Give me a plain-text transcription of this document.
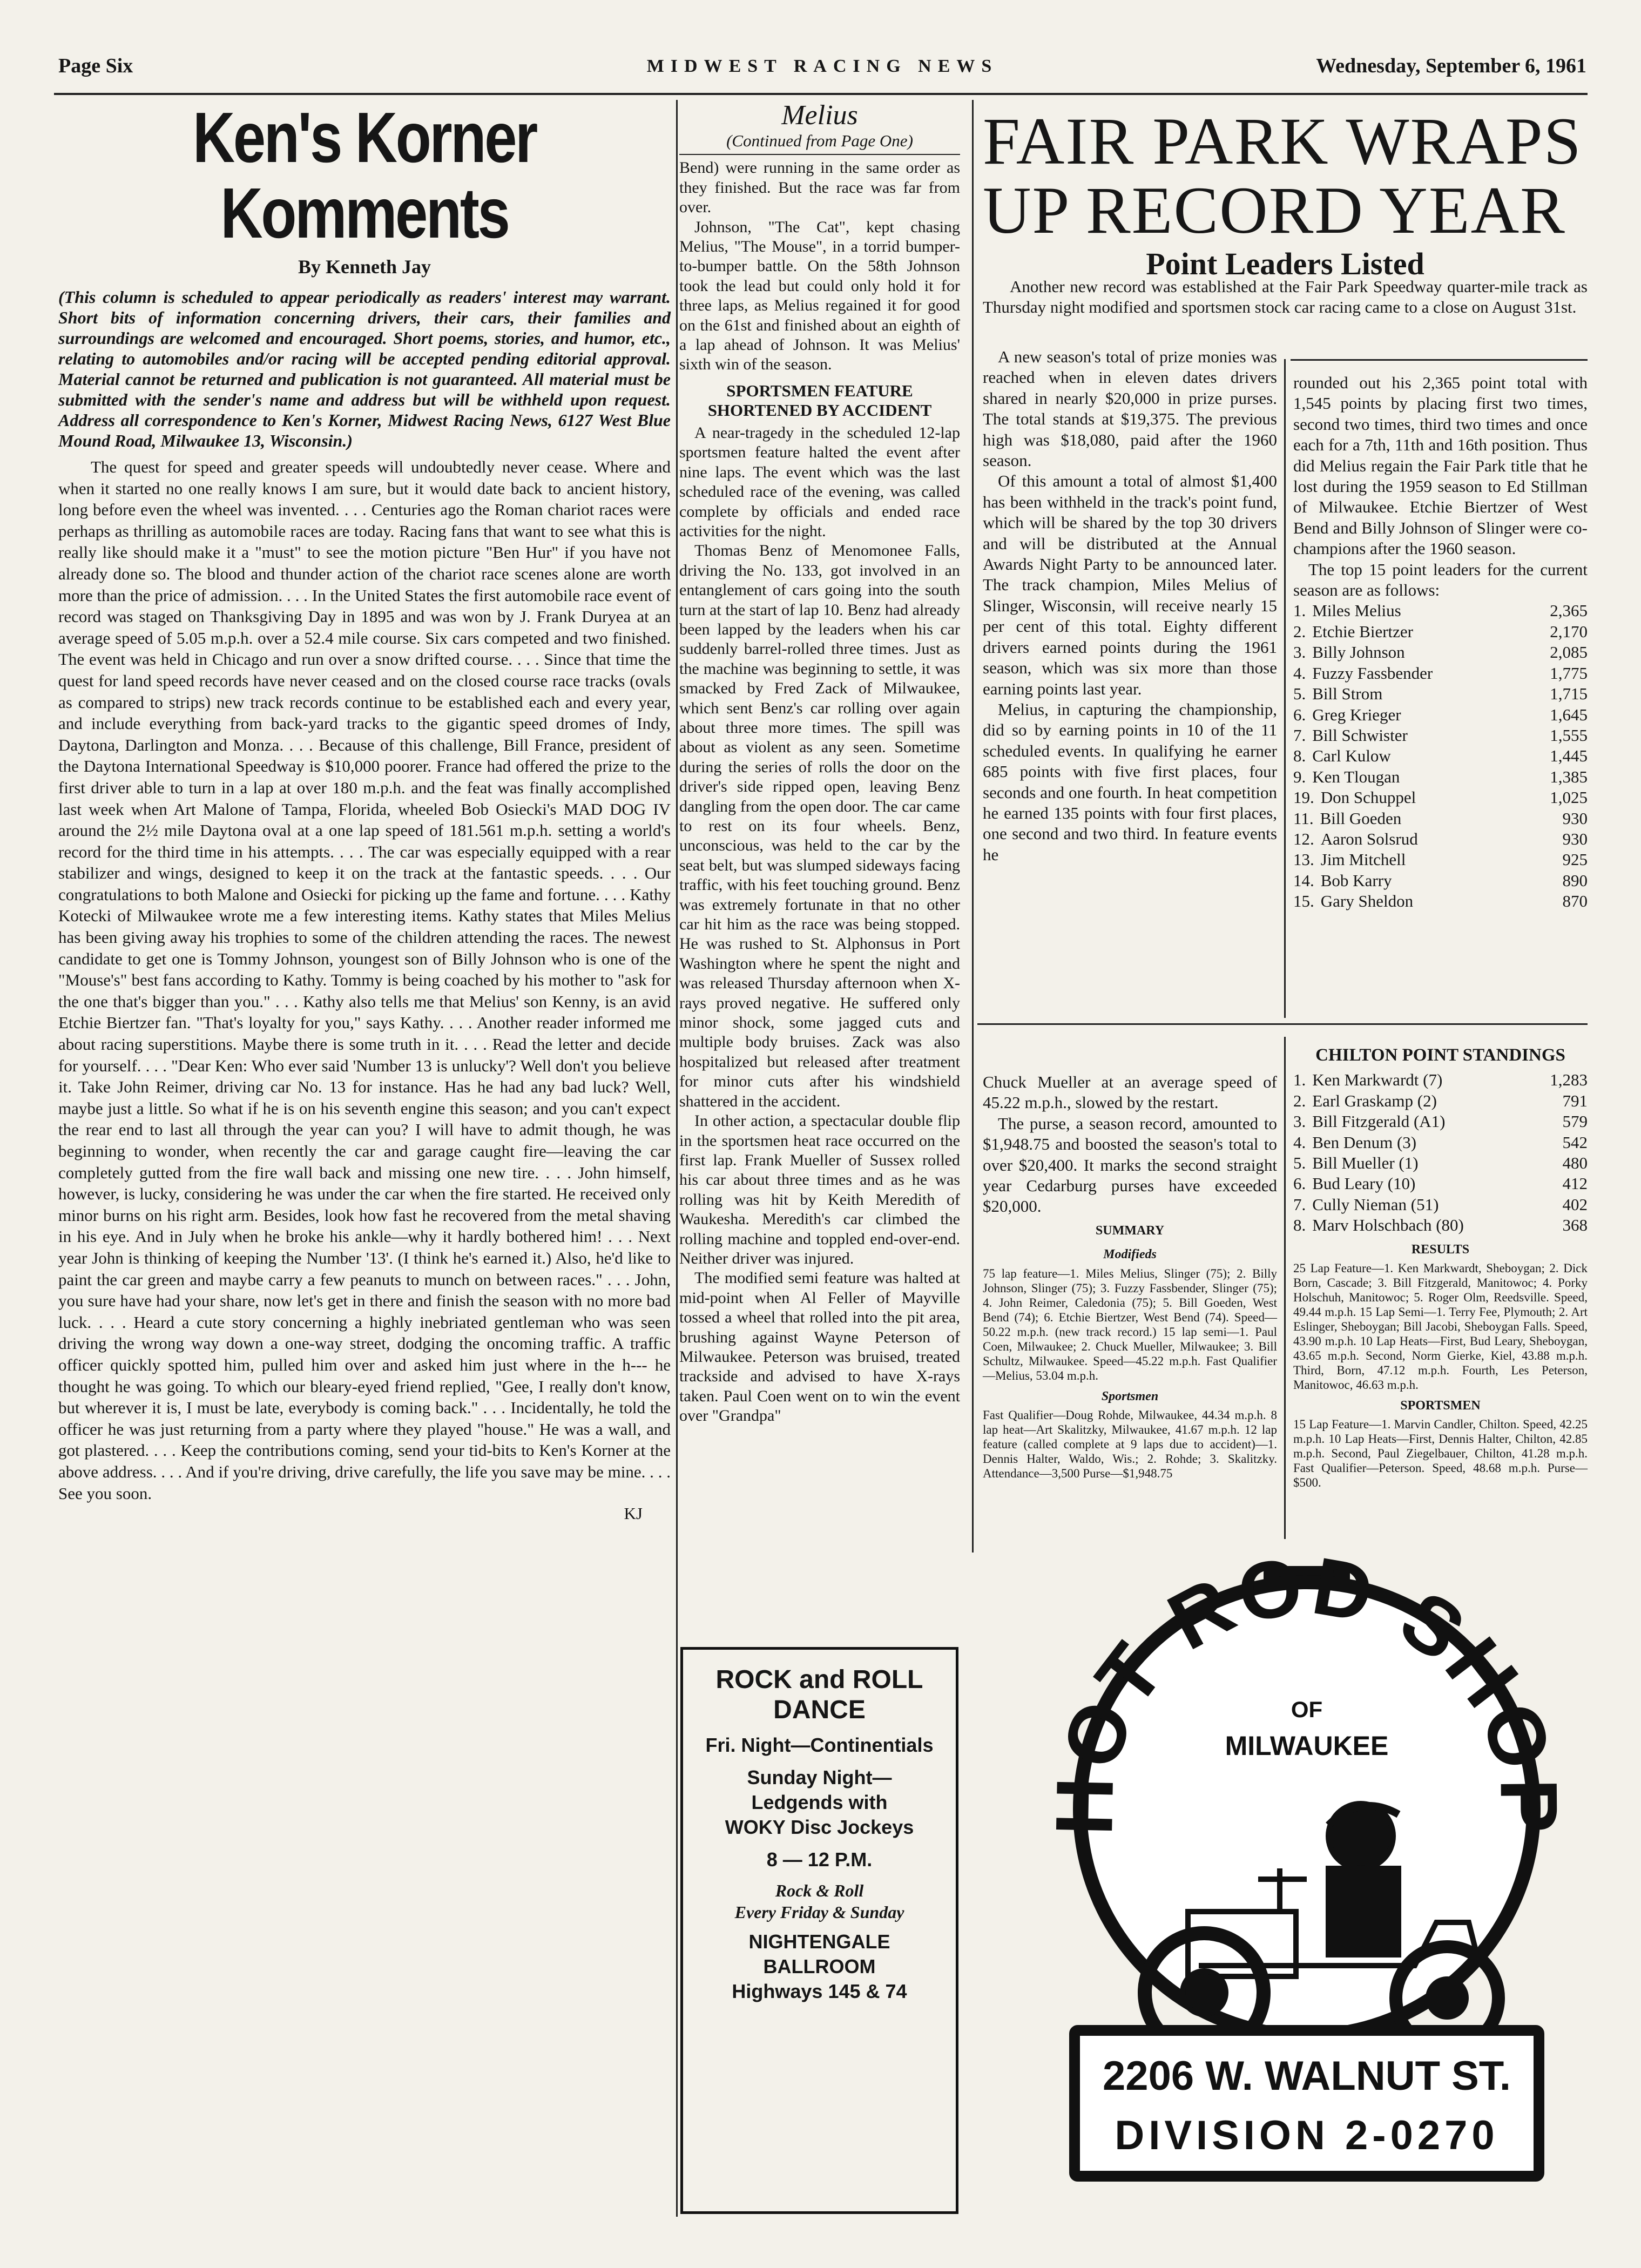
Page Six	MIDWEST RACING NEWS	Wednesday, September 6, 1961
Ken's Korner Komments
By Kenneth Jay
(This column is scheduled to appear periodically as readers' interest may warrant. Short bits of information concerning drivers, their cars, their families and surroundings are welcomed and encouraged. Short poems, stories, and humor, etc., relating to automobiles and/or racing will be accepted pending editorial approval. Material cannot be returned and publication is not guaranteed. All material must be submitted with the sender's name and address but will be withheld upon request. Address all correspondence to Ken's Korner, Midwest Racing News, 6127 West Blue Mound Road, Milwaukee 13, Wisconsin.)
The quest for speed and greater speeds will undoubtedly never cease. Where and when it started no one really knows I am sure, but it would date back to ancient history, long before even the wheel was invented. . . . Centuries ago the Roman chariot races were perhaps as thrilling as automobile races are today. Racing fans that want to see what this is really like should make it a "must" to see the motion picture "Ben Hur" if you have not already done so. The blood and thunder action of the chariot race scenes alone are worth more than the price of admission. . . . In the United States the first automobile race event of record was staged on Thanksgiving Day in 1895 and was won by J. Frank Duryea at an average speed of 5.05 m.p.h. over a 52.4 mile course. Six cars competed and two finished. The event was held in Chicago and run over a snow drifted course. . . . Since that time the quest for land speed records have never ceased and on the closed course race tracks (ovals as compared to strips) new track records continue to be established each and every year, and include everything from back-yard tracks to the gigantic speed dromes of Indy, Daytona, Darlington and Monza. . . . Because of this challenge, Bill France, president of the Daytona International Speedway is $10,000 poorer. France had offered the prize to the first driver able to turn in a lap at over 180 m.p.h. and the feat was finally accomplished last week when Art Malone of Tampa, Florida, wheeled Bob Osiecki's MAD DOG IV around the 2½ mile Daytona oval at a one lap speed of 181.561 m.p.h. setting a world's record for the third time in his attempts. . . . The car was especially equipped with a rear stabilizer and wings, designed to keep it on the track at the fantastic speeds. . . . Our congratulations to both Malone and Osiecki for picking up the fame and fortune. . . . Kathy Kotecki of Milwaukee wrote me a few interesting items. Kathy states that Miles Melius has been giving away his trophies to some of the children attending the races. The newest candidate to get one is Tommy Johnson, youngest son of Billy Johnson who is one of the "Mouse's" best fans according to Kathy. Tommy is being coached by his mother to "ask for the one that's bigger than you." . . . Kathy also tells me that Melius' son Kenny, is an avid Etchie Biertzer fan. "That's loyalty for you," says Kathy. . . . Another reader informed me about racing superstitions. Maybe there is some truth in it. . . . Read the letter and decide for yourself. . . . "Dear Ken: Who ever said 'Number 13 is unlucky'? Well don't you believe it. Take John Reimer, driving car No. 13 for instance. Has he had any bad luck? Well, maybe just a little. So what if he is on his seventh engine this season; and you can't expect the rear end to last all through the year can you? I will have to admit though, he was beginning to wonder, when recently the car and garage caught fire—leaving the car completely gutted from the fire wall back and missing one new tire. . . . John himself, however, is lucky, considering he was under the car when the fire started. He received only minor burns on his right arm. Besides, look how fast he recovered from the metal shaving in his eye. And in July when he broke his ankle—why it hardly bothered him! . . . Next year John is thinking of keeping the Number '13'. (I think he's earned it.) Also, he'd like to paint the car green and maybe carry a few peanuts to munch on between races." . . . John, you sure have had your share, now let's get in there and finish the season with no more bad luck. . . . Heard a cute story concerning a highly inebriated gentleman who was seen driving the wrong way down a one-way street, dodging the oncoming traffic. A traffic officer quickly spotted him, pulled him over and asked him just where in the h--- he thought he was going. To which our bleary-eyed friend replied, "Gee, I really don't know, but wherever it is, I must be late, everybody is coming back." . . . Incidentally, he told the officer he was just returning from a party where they played "house." He was a wall, and got plastered. . . . Keep the contributions coming, send your tid-bits to Ken's Korner at the above address. . . . And if you're driving, drive carefully, the life you save may be mine. . . . See you soon.
KJ
Melius
(Continued from Page One)

Bend) were running in the same order as they finished. But the race was far from over.

Johnson, "The Cat", kept chasing Melius, "The Mouse", in a torrid bumper-to-bumper battle. On the 58th Johnson took the lead but could only hold it for three laps, as Melius regained it for good on the 61st and finished about an eighth of a lap ahead of Johnson. It was Melius' sixth win of the season.

SPORTSMEN FEATURE SHORTENED BY ACCIDENT

A near-tragedy in the scheduled 12-lap sportsmen feature halted the event after nine laps. The event which was the last scheduled race of the evening, was called complete by officials and ended race activities for the night.

Thomas Benz of Menomonee Falls, driving the No. 133, got involved in an entanglement of cars going into the south turn at the start of lap 10. Benz had already been lapped by the leaders when his car suddenly barrel-rolled three times. Just as the machine was beginning to settle, it was smacked by Fred Zack of Milwaukee, which sent Benz's car rolling over again about three more times. The spill was about as violent as any seen. Sometime during the series of rolls the door on the driver's side ripped open, leaving Benz dangling from the open door. The car came to rest on its four wheels. Benz, unconscious, was held to the car by the seat belt, but was slumped sideways facing traffic, with his feet touching ground. Benz was extremely fortunate in that no other car hit him as the race was being stopped. He was rushed to St. Alphonsus in Port Washington where he spent the night and was released Thursday afternoon when X-rays proved negative. He suffered only minor shock, some jagged cuts and multiple body bruises. Zack was also hospitalized but released after treatment for minor cuts after his windshield shattered in the accident.

In other action, a spectacular double flip in the sportsmen heat race occurred on the first lap. Frank Mueller of Sussex rolled his car about three times and as he was rolling was hit by Keith Meredith of Waukesha. Meredith's car climbed the rolling machine and toppled end-over-end. Neither driver was injured.

The modified semi feature was halted at mid-point when Al Feller of Mayville tossed a wheel that rolled into the pit area, brushing against Wayne Peterson of Milwaukee. Peterson was bruised, treated trackside and advised to have X-rays taken. Paul Coen went on to win the event over "Grandpa"

FAIR PARK WRAPS UP RECORD YEAR
Point Leaders Listed
Another new record was established at the Fair Park Speedway quarter-mile track as Thursday night modified and sportsmen stock car racing came to a close on August 31st.

A new season's total of prize monies was reached when in eleven dates drivers shared in nearly $20,000 in prize purses. The total stands at $19,375. The previous high was $18,080, paid after the 1960 season.

Of this amount a total of almost $1,400 has been withheld in the track's point fund, which will be shared by the top 30 drivers and will be distributed at the Annual Awards Night Party to be announced later. The track champion, Miles Melius of Slinger, Wisconsin, will receive nearly 15 per cent of this total. Eighty different drivers earned points during the 1961 season, which was six more than those earning points last year.

Melius, in capturing the championship, did so by earning points in 10 of the 11 scheduled events. In qualifying he earner 685 points with five first places, four seconds and one fourth. In heat competition he earned 135 points with four first places, one second and two third. In feature events he

rounded out his 2,365 point total with 1,545 points by placing first two times, second two times, third two times and once each for a 7th, 11th and 16th position. Thus did Melius regain the Fair Park title that he lost during the 1959 season to Ed Stillman of Milwaukee. Etchie Biertzer of West Bend and Billy Johnson of Slinger were co-champions after the 1960 season.

The top 15 point leaders for the current season are as follows:

1. Miles Melius	2,365
2. Etchie Biertzer	2,170
3. Billy Johnson	2,085
4. Fuzzy Fassbender	1,775
5. Bill Strom	1,715
6. Greg Krieger	1,645
7. Bill Schwister	1,555
8. Carl Kulow	1,445
9. Ken Tlougan	1,385
19. Don Schuppel	1,025
11. Bill Goeden	930
12. Aaron Solsrud	930
13. Jim Mitchell	925
14. Bob Karry	890
15. Gary Sheldon	870

Chuck Mueller at an average speed of 45.22 m.p.h., slowed by the restart.

The purse, a season record, amounted to $1,948.75 and boosted the season's total to over $20,400. It marks the second straight year Cedarburg purses have exceeded $20,000.

SUMMARY
Modifieds
75 lap feature—1. Miles Melius, Slinger (75); 2. Billy Johnson, Slinger (75); 3. Fuzzy Fassbender, Slinger (75); 4. John Reimer, Caledonia (75); 5. Bill Goeden, West Bend (74); 6. Etchie Biertzer, West Bend (74). Speed—50.22 m.p.h. (new track record.) 15 lap semi—1. Paul Coen, Milwaukee; 2. Chuck Mueller, Milwaukee; 3. Bill Schultz, Milwaukee. Speed—45.22 m.p.h. Fast Qualifier—Melius, 53.04 m.p.h.
Sportsmen
Fast Qualifier—Doug Rohde, Milwaukee, 44.34 m.p.h. 8 lap heat—Art Skalitzky, Milwaukee, 41.67 m.p.h. 12 lap feature (called complete at 9 laps due to accident)—1. Dennis Halter, Waldo, Wis.; 2. Rohde; 3. Skalitzky. Attendance—3,500 Purse—$1,948.75
CHILTON POINT STANDINGS
1. Ken Markwardt (7)	1,283
2. Earl Graskamp (2)	791
3. Bill Fitzgerald (A1)	579
4. Ben Denum (3)	542
5. Bill Mueller (1)	480
6. Bud Leary (10)	412
7. Cully Nieman (51)	402
8. Marv Holschbach (80)	368
RESULTS
25 Lap Feature—1. Ken Markwardt, Sheboygan; 2. Dick Born, Cascade; 3. Bill Fitzgerald, Manitowoc; 4. Porky Holschuh, Manitowoc; 5. Roger Olm, Reedsville. Speed, 49.44 m.p.h. 15 Lap Semi—1. Terry Fee, Plymouth; 2. Art Eslinger, Sheboygan; Bill Jacobi, Sheboygan Falls. Speed, 43.90 m.p.h. 10 Lap Heats—First, Bud Leary, Sheboygan, 43.65 m.p.h. Second, Norm Gierke, Kiel, 43.88 m.p.h. Third, Born, 47.12 m.p.h. Fourth, Les Peterson, Manitowoc, 46.63 m.p.h.
SPORTSMEN
15 Lap Feature—1. Marvin Candler, Chilton. Speed, 42.25 m.p.h. 10 Lap Heats—First, Dennis Halter, Chilton, 42.85 m.p.h. Second, Paul Ziegelbauer, Chilton, 41.28 m.p.h. Fast Qualifier—Peterson. Speed, 48.68 m.p.h. Purse—$500.
ROCK and ROLL
DANCE
Fri. Night—Continentials
Sunday Night—
Ledgends with
WOKY Disc Jockeys
8 — 12 P.M.
Rock & Roll
Every Friday & Sunday
NIGHTENGALE
BALLROOM
Highways 145 & 74
HOT ROD SHOP
OF
MILWAUKEE
2206 W. WALNUT ST.
DIVISION 2-0270
